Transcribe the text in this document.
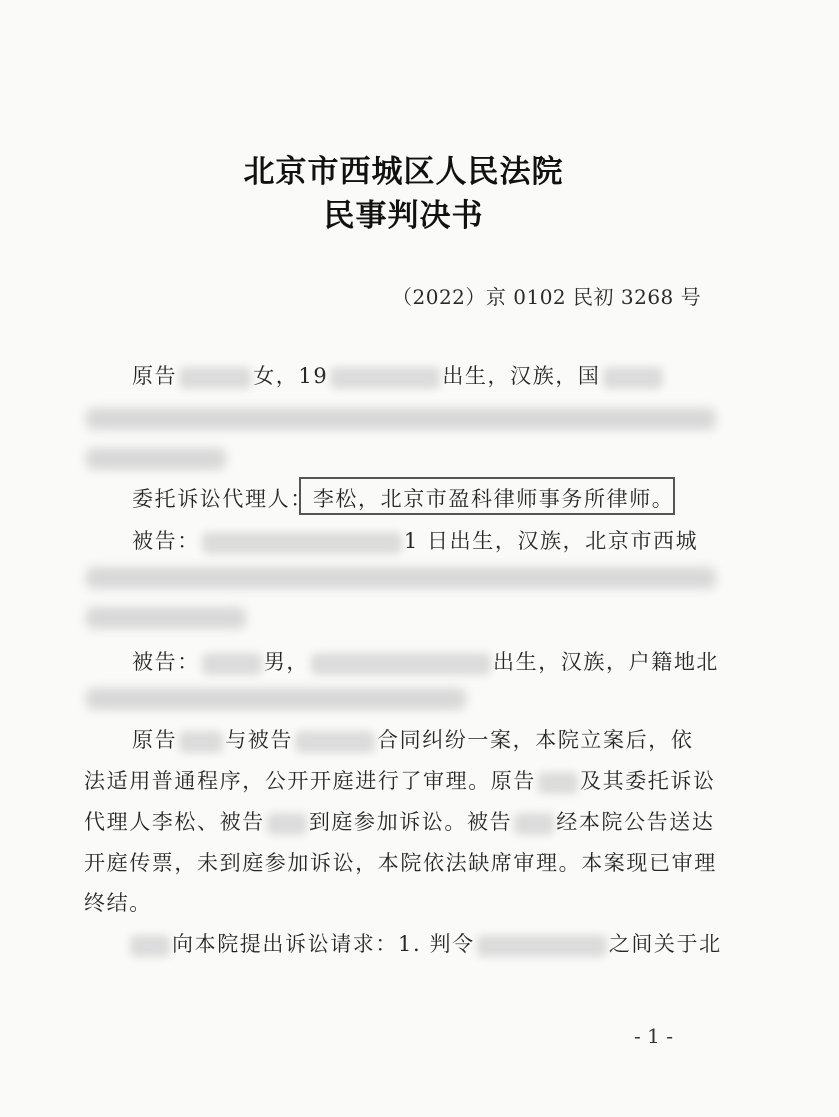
北京市西城区人民法院
民事判决书
（2022）京 0102 民初 3268 号
原告	女，19	出生，汉族，国
委托诉讼代理人：李松，北京市盈科律师事务所律师。
被告：	1 日出生，汉族，北京市西城
被告：	男，	出生，汉族，户籍地北
原告 与被告	合同纠纷一案，本院立案后，依
法适用普通程序，公开开庭进行了审理。原告 及其委托诉讼
代理人李松、被告 到庭参加诉讼。被告 经本院公告送达
开庭传票，未到庭参加诉讼，本院依法缺席审理。本案现已审理
终结。
向本院提出诉讼请求：1. 判令	之间关于北
- 1 -
